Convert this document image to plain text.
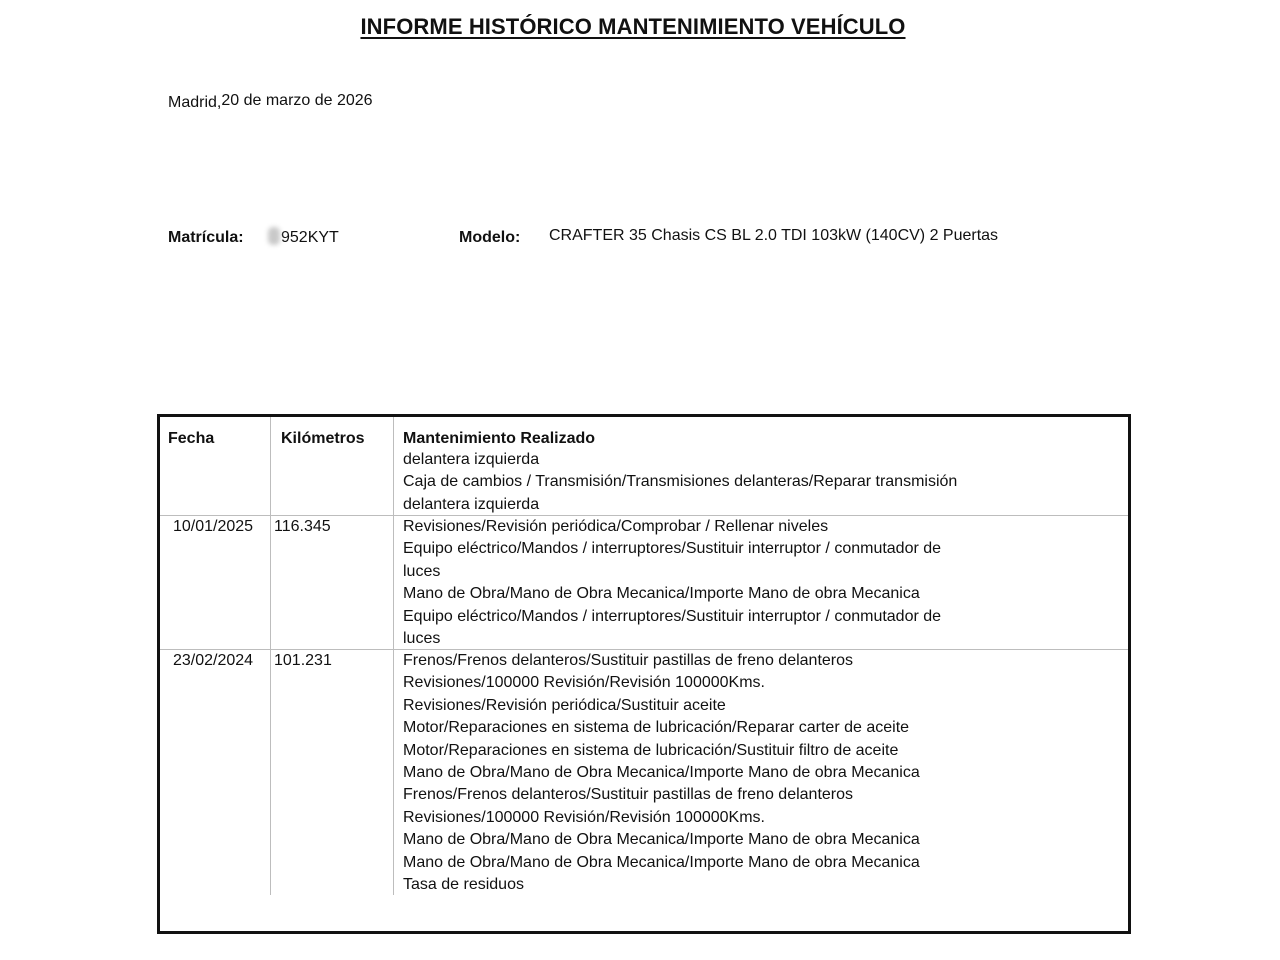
INFORME HISTÓRICO MANTENIMIENTO VEHÍCULO
Madrid,20 de marzo de 2026
Matrícula:	952KYT	Modelo: CRAFTER 35 Chasis CS BL 2.0 TDI 103kW (140CV) 2 Puertas
Fecha	Kilómetros Mantenimiento Realizado
delantera izquierda
Caja de cambios / Transmisión/Transmisiones delanteras/Reparar transmisión
delantera izquierda
10/01/2025 116.345	Revisiones/Revisión periódica/Comprobar / Rellenar niveles
Equipo eléctrico/Mandos / interruptores/Sustituir interruptor / conmutador de
luces
Mano de Obra/Mano de Obra Mecanica/Importe Mano de obra Mecanica
Equipo eléctrico/Mandos / interruptores/Sustituir interruptor / conmutador de
luces
23/02/2024 101.231	Frenos/Frenos delanteros/Sustituir pastillas de freno delanteros
Revisiones/100000 Revisión/Revisión 100000Kms.
Revisiones/Revisión periódica/Sustituir aceite
Motor/Reparaciones en sistema de lubricación/Reparar carter de aceite
Motor/Reparaciones en sistema de lubricación/Sustituir filtro de aceite
Mano de Obra/Mano de Obra Mecanica/Importe Mano de obra Mecanica
Frenos/Frenos delanteros/Sustituir pastillas de freno delanteros
Revisiones/100000 Revisión/Revisión 100000Kms.
Mano de Obra/Mano de Obra Mecanica/Importe Mano de obra Mecanica
Mano de Obra/Mano de Obra Mecanica/Importe Mano de obra Mecanica
Tasa de residuos
